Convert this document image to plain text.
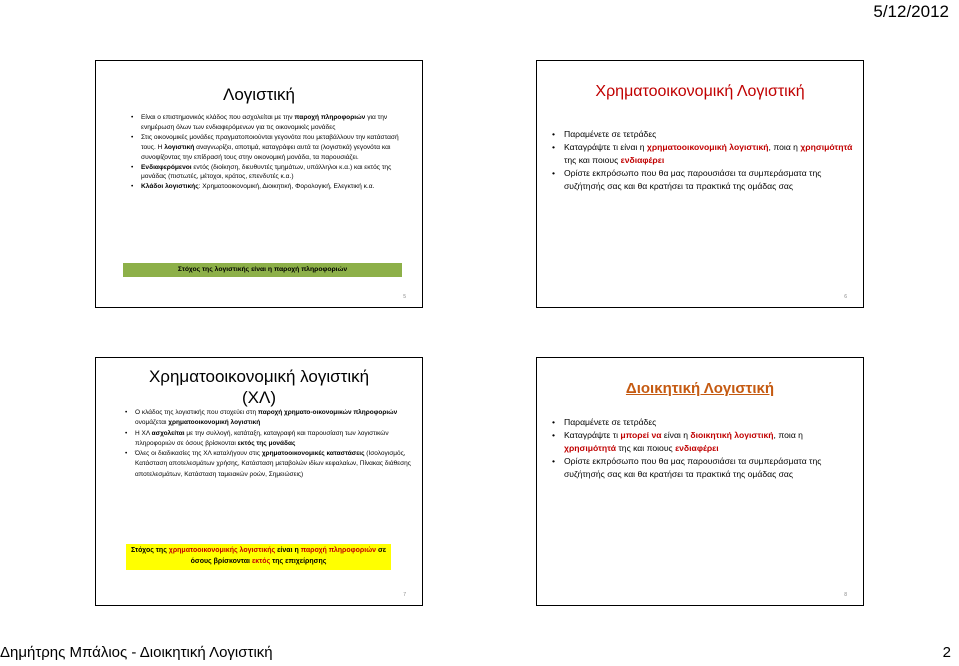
5/12/2012
Λογιστική
• Είναι ο επιστημονικός κλάδος που ασχολείται με την παροχή πληροφοριών για την ενημέρωση όλων των ενδιαφερόμενων για τις οικονομικές μονάδες
• Στις οικονομικές μονάδες πραγματοποιούνται γεγονότα που μεταβάλλουν την κατάστασή τους. Η λογιστική αναγνωρίζει, αποτιμά, καταγράφει αυτά τα (λογιστικά) γεγονότα και συνοψίζοντας την επίδρασή τους στην οικονομική μονάδα, τα παρουσιάζει.
• Ενδιαφερόμενοι εντός (διοίκηση, διευθυντές τμημάτων, υπάλληλοι κ.α.) και εκτός της μονάδας (πιστωτές, μέτοχοι, κράτος, επενδυτές κ.α.)
• Κλάδοι λογιστικής: Χρηματοοικονομική, Διοικητική, Φορολογική, Ελεγκτική κ.α.
Στόχος της λογιστικής είναι η παροχή πληροφοριών
5
Χρηματοοικονομική Λογιστική
• Παραμένετε σε τετράδες
• Καταγράψτε τι είναι η χρηματοοικονομική λογιστική, ποια η χρησιμότητά της και ποιους ενδιαφέρει
• Ορίστε εκπρόσωπο που θα μας παρουσιάσει τα συμπεράσματα της συζήτησής σας και θα κρατήσει τα πρακτικά της ομάδας σας
6
Χρηματοοικονομική λογιστική
(ΧΛ)
• Ο κλάδος της λογιστικής που στοχεύει στη παροχή χρηματο-οικονομικών πληροφοριών ονομάζεται χρηματοοικονομική λογιστική
• Η ΧΛ ασχολείται με την συλλογή, κατάταξη, καταγραφή και παρουσίαση των λογιστικών πληροφοριών σε όσους βρίσκονται εκτός της μονάδας
• Όλες οι διαδικασίες της ΧΛ καταλήγουν στις χρηματοοικονομικές καταστάσεις (Ισολογισμός, Κατάσταση αποτελεσμάτων χρήσης, Κατάσταση μεταβολών ιδίων κεφαλαίων, Πίνακας διάθεσης αποτελεσμάτων, Κατάσταση ταμειακών ροών, Σημειώσεις)
Στόχος της χρηματοοικονομικής λογιστικής είναι η παροχή πληροφοριών σε όσους βρίσκονται εκτός της επιχείρησης
7
Διοικητική Λογιστική
• Παραμένετε σε τετράδες
• Καταγράψτε τι μπορεί να είναι η διοικητική λογιστική, ποια η χρησιμότητά της και ποιους ενδιαφέρει
• Ορίστε εκπρόσωπο που θα μας παρουσιάσει τα συμπεράσματα της συζήτησής σας και θα κρατήσει τα πρακτικά της ομάδας σας
8
Δημήτρης Μπάλιος - Διοικητική Λογιστική	2
